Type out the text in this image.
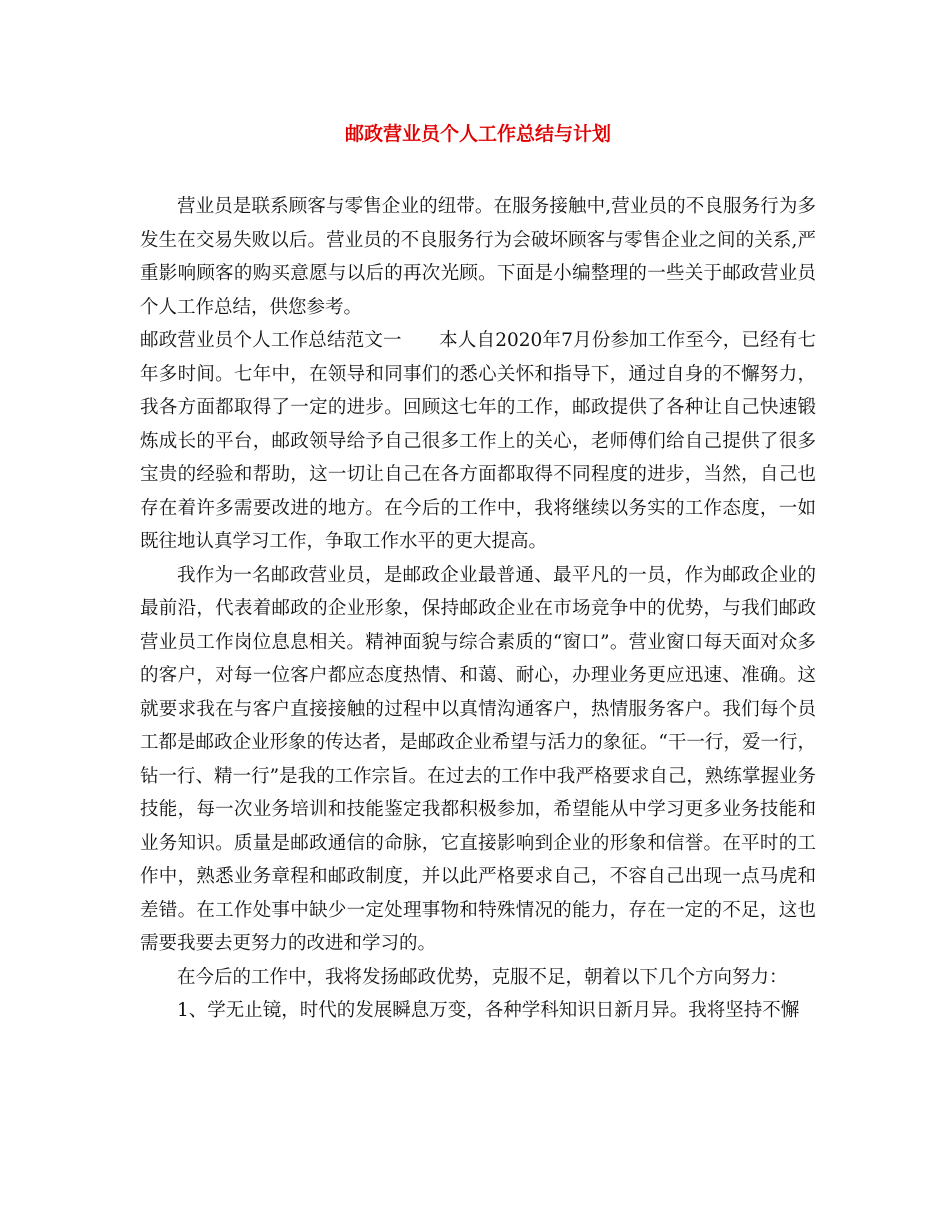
邮政营业员个人工作总结与计划

营业员是联系顾客与零售企业的纽带。在服务接触中,营业员的不良服务行为多发生在交易失败以后。营业员的不良服务行为会破坏顾客与零售企业之间的关系,严重影响顾客的购买意愿与以后的再次光顾。下面是小编整理的一些关于邮政营业员个人工作总结，供您参考。

邮政营业员个人工作总结范文一　　本人自2020年7月份参加工作至今，已经有七年多时间。七年中，在领导和同事们的悉心关怀和指导下，通过自身的不懈努力，我各方面都取得了一定的进步。回顾这七年的工作，邮政提供了各种让自己快速锻炼成长的平台，邮政领导给予自己很多工作上的关心，老师傅们给自己提供了很多宝贵的经验和帮助，这一切让自己在各方面都取得不同程度的进步，当然，自己也存在着许多需要改进的地方。在今后的工作中，我将继续以务实的工作态度，一如既往地认真学习工作，争取工作水平的更大提高。

我作为一名邮政营业员，是邮政企业最普通、最平凡的一员，作为邮政企业的最前沿，代表着邮政的企业形象，保持邮政企业在市场竞争中的优势，与我们邮政营业员工作岗位息息相关。精神面貌与综合素质的“窗口”。营业窗口每天面对众多的客户，对每一位客户都应态度热情、和蔼、耐心，办理业务更应迅速、准确。这就要求我在与客户直接接触的过程中以真情沟通客户，热情服务客户。我们每个员工都是邮政企业形象的传达者，是邮政企业希望与活力的象征。“干一行，爱一行，钻一行、精一行”是我的工作宗旨。在过去的工作中我严格要求自己，熟练掌握业务技能，每一次业务培训和技能鉴定我都积极参加，希望能从中学习更多业务技能和业务知识。质量是邮政通信的命脉，它直接影响到企业的形象和信誉。在平时的工作中，熟悉业务章程和邮政制度，并以此严格要求自己，不容自己出现一点马虎和差错。在工作处事中缺少一定处理事物和特殊情况的能力，存在一定的不足，这也需要我要去更努力的改进和学习的。

在今后的工作中，我将发扬邮政优势，克服不足，朝着以下几个方向努力：

1、学无止镜，时代的发展瞬息万变，各种学科知识日新月异。我将坚持不懈
